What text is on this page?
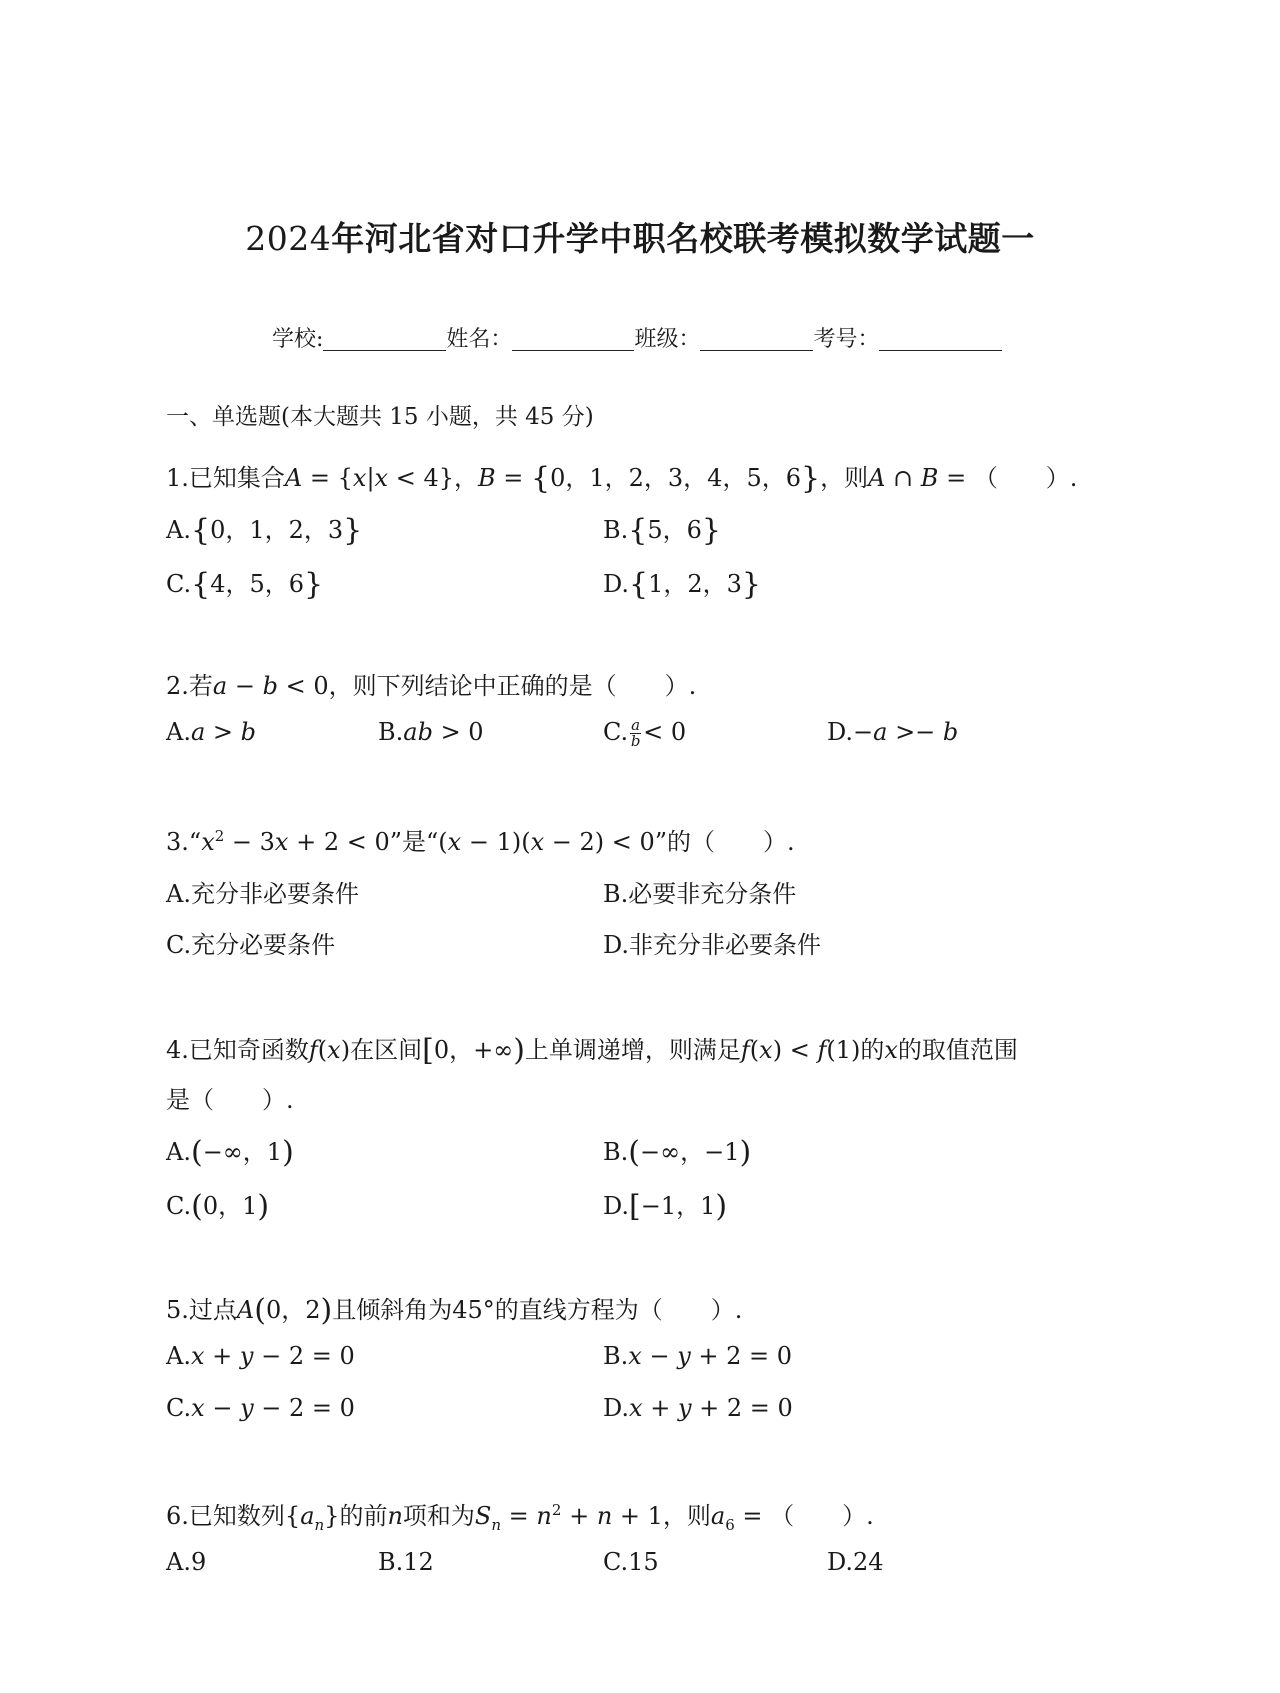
2024年河北省对口升学中职名校联考模拟数学试题一
学校:	姓名：	班级：	考号：
一、单选题(本大题共 15 小题，共 45 分)
1.已知集合A = {x|x < 4}，B = {0，1，2，3，4，5，6}，则A ∩ B = （　　）.
A.{0，1，2，3}	B.{5，6}
C.{4，5，6}	D.{1，2，3}
2.若a − b < 0，则下列结论中正确的是（　　）.
A.a > b	B.ab > 0	C. $\frac{a}{b} < 0$	D.−a >− b
$3.“x^2 - 3x + 2 < 0$”是“(x − 1)(x − 2) < 0”的（　　）.
A.充分非必要条件	B.必要非充分条件
C.充分必要条件	D.非充分非必要条件
4.已知奇函数f(x)在区间[0，+∞)上单调递增，则满足f(x) < f(1)的x的取值范围
是（　　）.
A.(−∞，1)	B.(−∞，−1)
C.(0，1)	D.[−1，1)
5.过点A(0，2)且倾斜角为45°的直线方程为（　　）.
A.x + y − 2 = 0	B.x − y + 2 = 0
C.x − y − 2 = 0	D.x + y + 2 = 0
6.已知数列$\{a_n\}$的前n项和为$S_n = n^2 + n + 1$，则$a_6$ = （　　）.
A.9	B.12	C.15	D.24
